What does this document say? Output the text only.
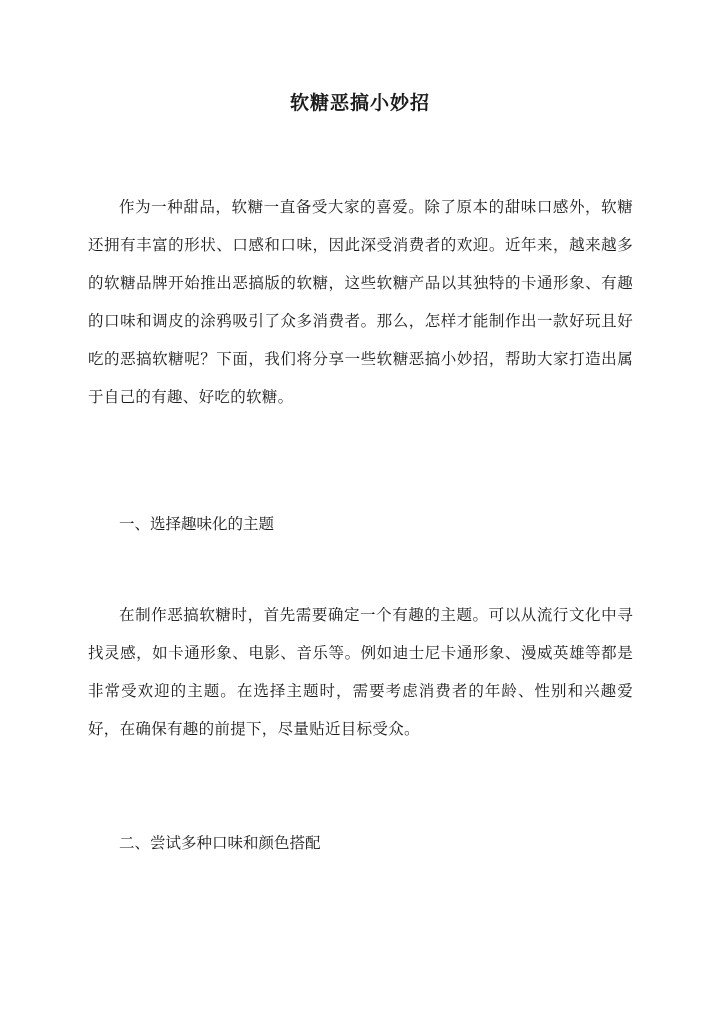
软糖恶搞小妙招

作为一种甜品，软糖一直备受大家的喜爱。除了原本的甜味口感外，软糖还拥有丰富的形状、口感和口味，因此深受消费者的欢迎。近年来，越来越多的软糖品牌开始推出恶搞版的软糖，这些软糖产品以其独特的卡通形象、有趣的口味和调皮的涂鸦吸引了众多消费者。那么，怎样才能制作出一款好玩且好吃的恶搞软糖呢？下面，我们将分享一些软糖恶搞小妙招，帮助大家打造出属于自己的有趣、好吃的软糖。

一、选择趣味化的主题

在制作恶搞软糖时，首先需要确定一个有趣的主题。可以从流行文化中寻找灵感，如卡通形象、电影、音乐等。例如迪士尼卡通形象、漫威英雄等都是非常受欢迎的主题。在选择主题时，需要考虑消费者的年龄、性别和兴趣爱好，在确保有趣的前提下，尽量贴近目标受众。

二、尝试多种口味和颜色搭配
